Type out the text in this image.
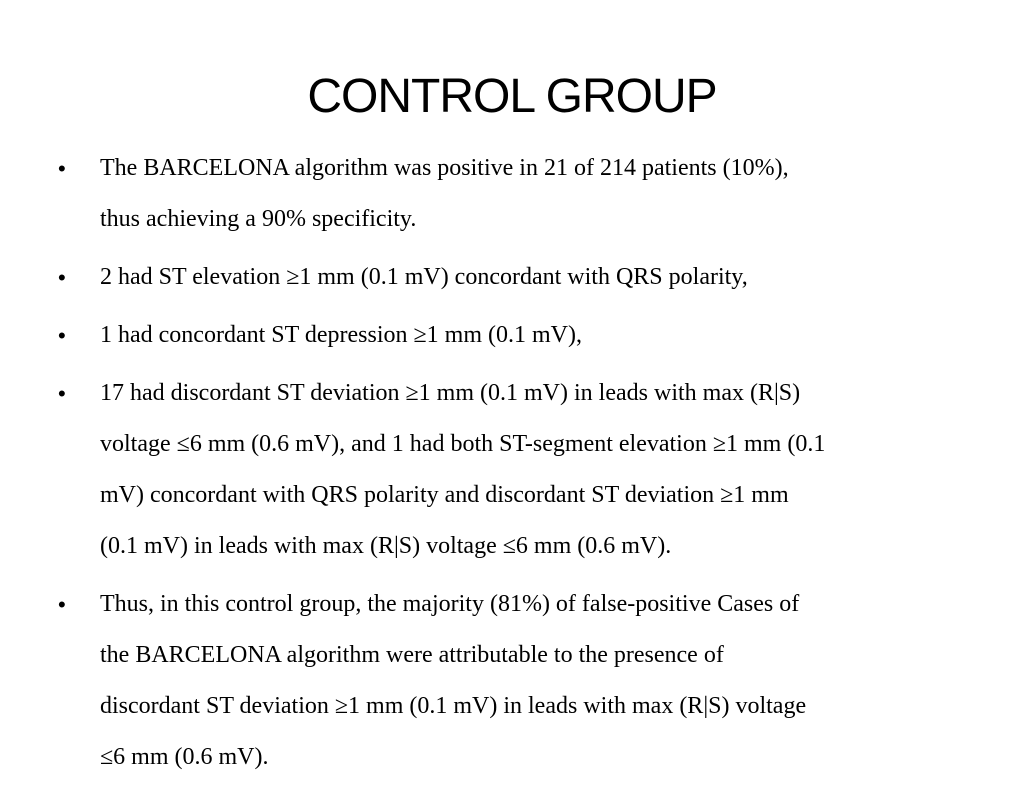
CONTROL GROUP
• The BARCELONA algorithm was positive in 21 of 214 patients (10%),
thus achieving a 90% specificity.
• 2 had ST elevation ≥1 mm (0.1 mV) concordant with QRS polarity,
• 1 had concordant ST depression ≥1 mm (0.1 mV),
• 17 had discordant ST deviation ≥1 mm (0.1 mV) in leads with max (R|S)
voltage ≤6 mm (0.6 mV), and 1 had both ST-segment elevation ≥1 mm (0.1
mV) concordant with QRS polarity and discordant ST deviation ≥1 mm
(0.1 mV) in leads with max (R|S) voltage ≤6 mm (0.6 mV).
• Thus, in this control group, the majority (81%) of false-positive Cases of
the BARCELONA algorithm were attributable to the presence of
discordant ST deviation ≥1 mm (0.1 mV) in leads with max (R|S) voltage
≤6 mm (0.6 mV).
